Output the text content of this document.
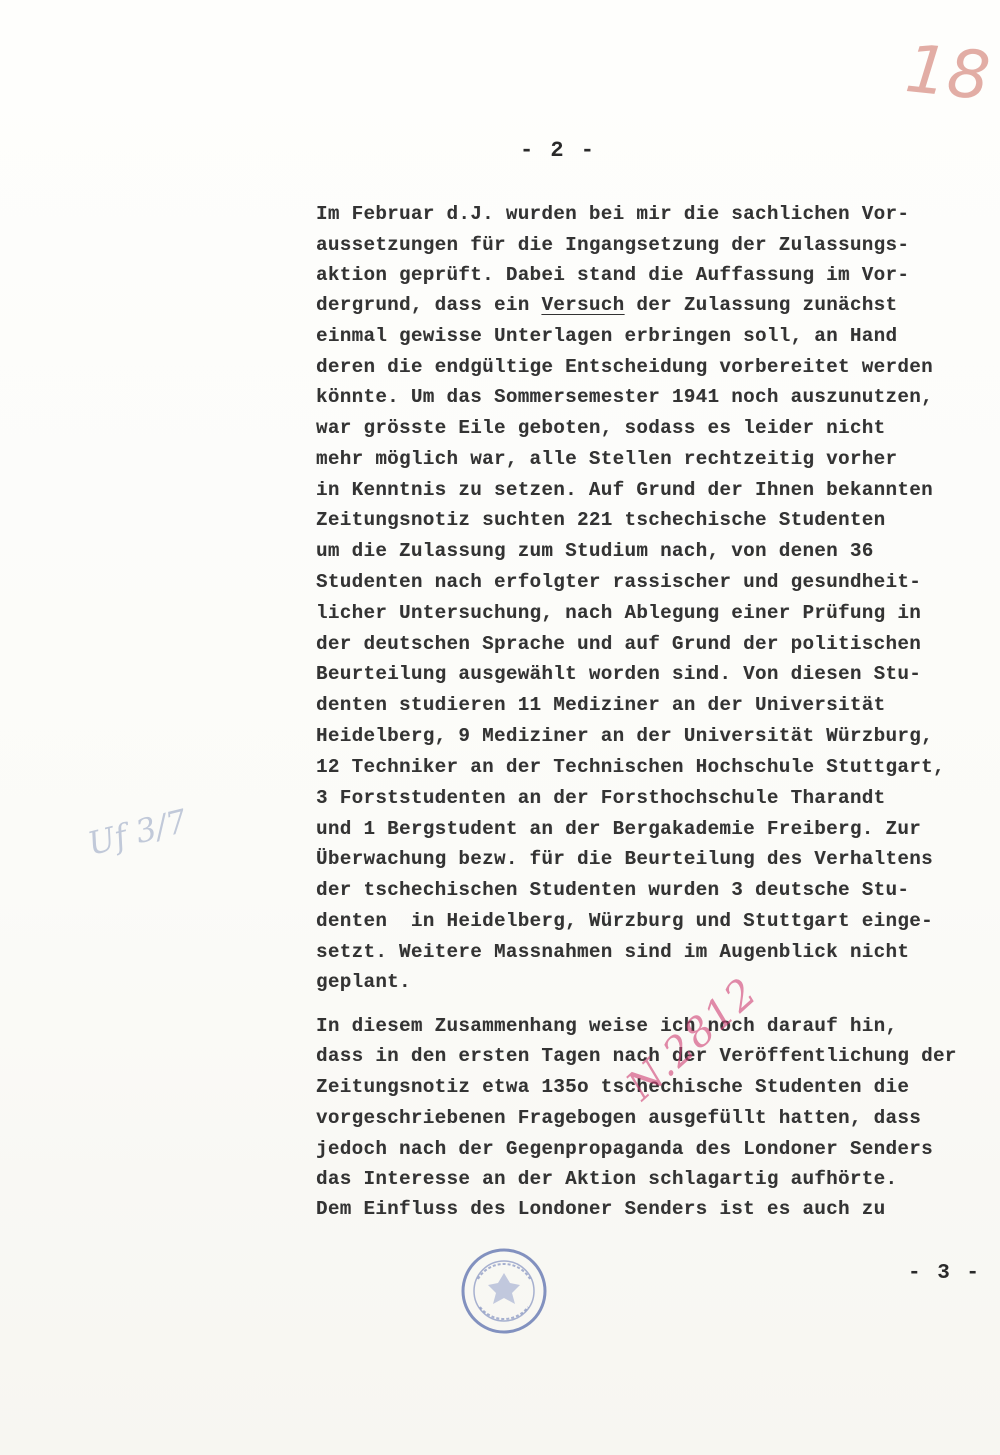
18
- 2 -
Im Februar d.J. wurden bei mir die sachlichen Vor-
aussetzungen für die Ingangsetzung der Zulassungs-
aktion geprüft. Dabei stand die Auffassung im Vor-
dergrund, dass ein Versuch der Zulassung zunächst
einmal gewisse Unterlagen erbringen soll, an Hand
deren die endgültige Entscheidung vorbereitet werden
könnte. Um das Sommersemester 1941 noch auszunutzen,
war grösste Eile geboten, sodass es leider nicht
mehr möglich war, alle Stellen rechtzeitig vorher
in Kenntnis zu setzen. Auf Grund der Ihnen bekannten
Zeitungsnotiz suchten 221 tschechische Studenten
um die Zulassung zum Studium nach, von denen 36
Studenten nach erfolgter rassischer und gesundheit-
licher Untersuchung, nach Ablegung einer Prüfung in
der deutschen Sprache und auf Grund der politischen
Beurteilung ausgewählt worden sind. Von diesen Stu-
denten studieren 11 Mediziner an der Universität
Heidelberg, 9 Mediziner an der Universität Würzburg,
12 Techniker an der Technischen Hochschule Stuttgart,
3 Forststudenten an der Forsthochschule Tharandt
und 1 Bergstudent an der Bergakademie Freiberg. Zur
Überwachung bezw. für die Beurteilung des Verhaltens
der tschechischen Studenten wurden 3 deutsche Stu-
denten  in Heidelberg, Würzburg und Stuttgart einge-
setzt. Weitere Massnahmen sind im Augenblick nicht
geplant.
In diesem Zusammenhang weise ich noch darauf hin,
dass in den ersten Tagen nach der Veröffentlichung der
Zeitungsnotiz etwa 135o tschechische Studenten die
vorgeschriebenen Fragebogen ausgefüllt hatten, dass
jedoch nach der Gegenpropaganda des Londoner Senders
das Interesse an der Aktion schlagartig aufhörte.
Dem Einfluss des Londoner Senders ist es auch zu
Uf 3/7
N.2812
- 3 -
